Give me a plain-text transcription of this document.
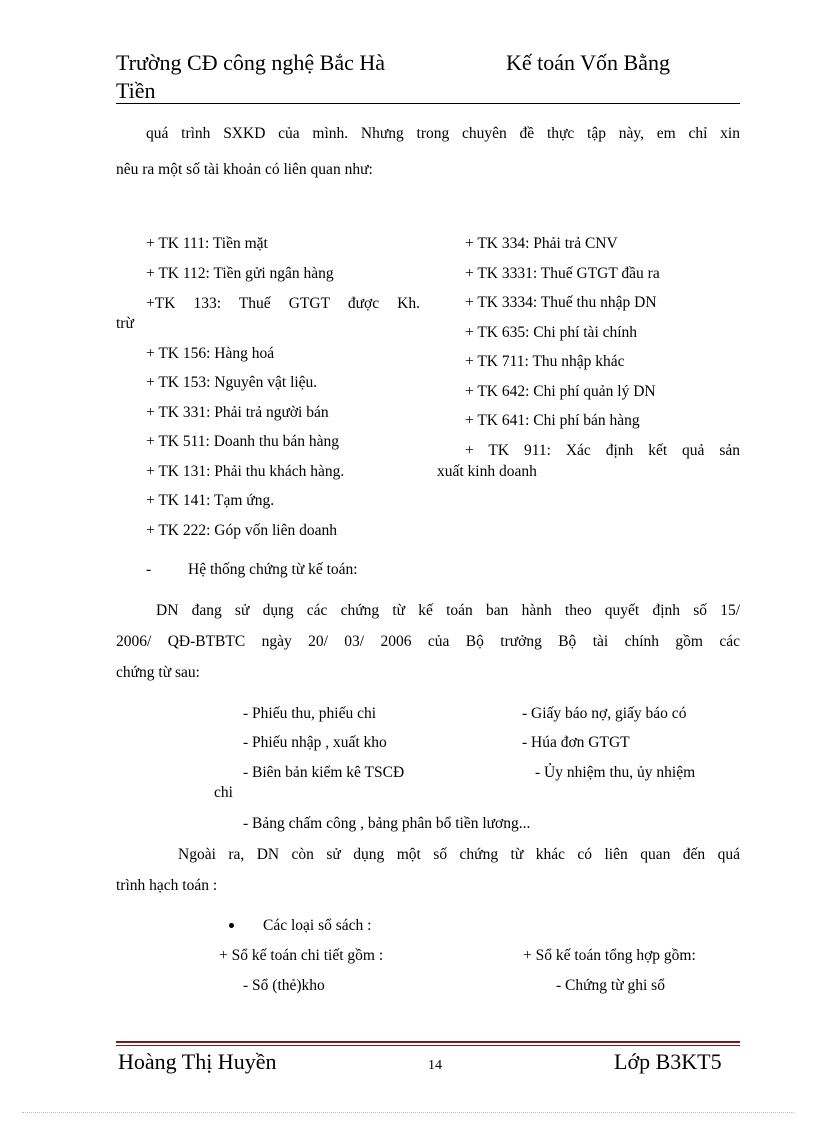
Trường CĐ công nghệ Bắc Hà	Kế toán Vốn Bằng
Tiền
quá trình SXKD của mình. Nhưng trong chuyên đề thực tập này, em chỉ xin
nêu ra một số tài khoản có liên quan như:
+ TK 111: Tiền mặt
+ TK 112: Tiền gửi ngân hàng
+TK 133: Thuế GTGT được Kh.
trừ
+ TK 156: Hàng hoá
+ TK 153: Nguyên vật liệu.
+ TK 331: Phải trả người bán
+ TK 511: Doanh thu bán hàng
+ TK 131: Phải thu khách hàng.
+ TK 141: Tạm ứng.
+ TK 222: Góp vốn liên doanh
+ TK 334: Phải trả CNV
+ TK 3331: Thuế GTGT đầu ra
+ TK 3334: Thuế thu nhập DN
+ TK 635: Chi phí tài chính
+ TK 711: Thu nhập khác
+ TK 642: Chi phí quản lý DN
+ TK 641: Chi phí bán hàng
+ TK 911: Xác định kết quả sản
xuất kinh doanh
- Hệ thống chứng từ kế toán:
DN đang sử dụng các chứng từ kế toán ban hành theo quyết định số 15/
2006/ QĐ-BTBTC ngày 20/ 03/ 2006 của Bộ trưởng Bộ tài chính gồm các
chứng từ sau:
- Phiếu thu, phiếu chi	- Giấy báo nợ, giấy báo có
- Phiếu nhập , xuất kho	- Húa đơn GTGT
- Biên bản kiểm kê TSCĐ	- Ủy nhiệm thu, ủy nhiệm
chi
- Bảng chấm công , bảng phân bổ tiền lương...
Ngoài ra, DN còn sử dụng một số chứng từ khác có liên quan đến quá
trình hạch toán :
Các loại sổ sách :
+ Sổ kế toán chi tiết gồm :	+ Sổ kế toán tổng hợp gồm:
- Sổ (thẻ)kho	- Chứng từ ghi sổ
Hoàng Thị Huyền	14	Lớp B3KT5
